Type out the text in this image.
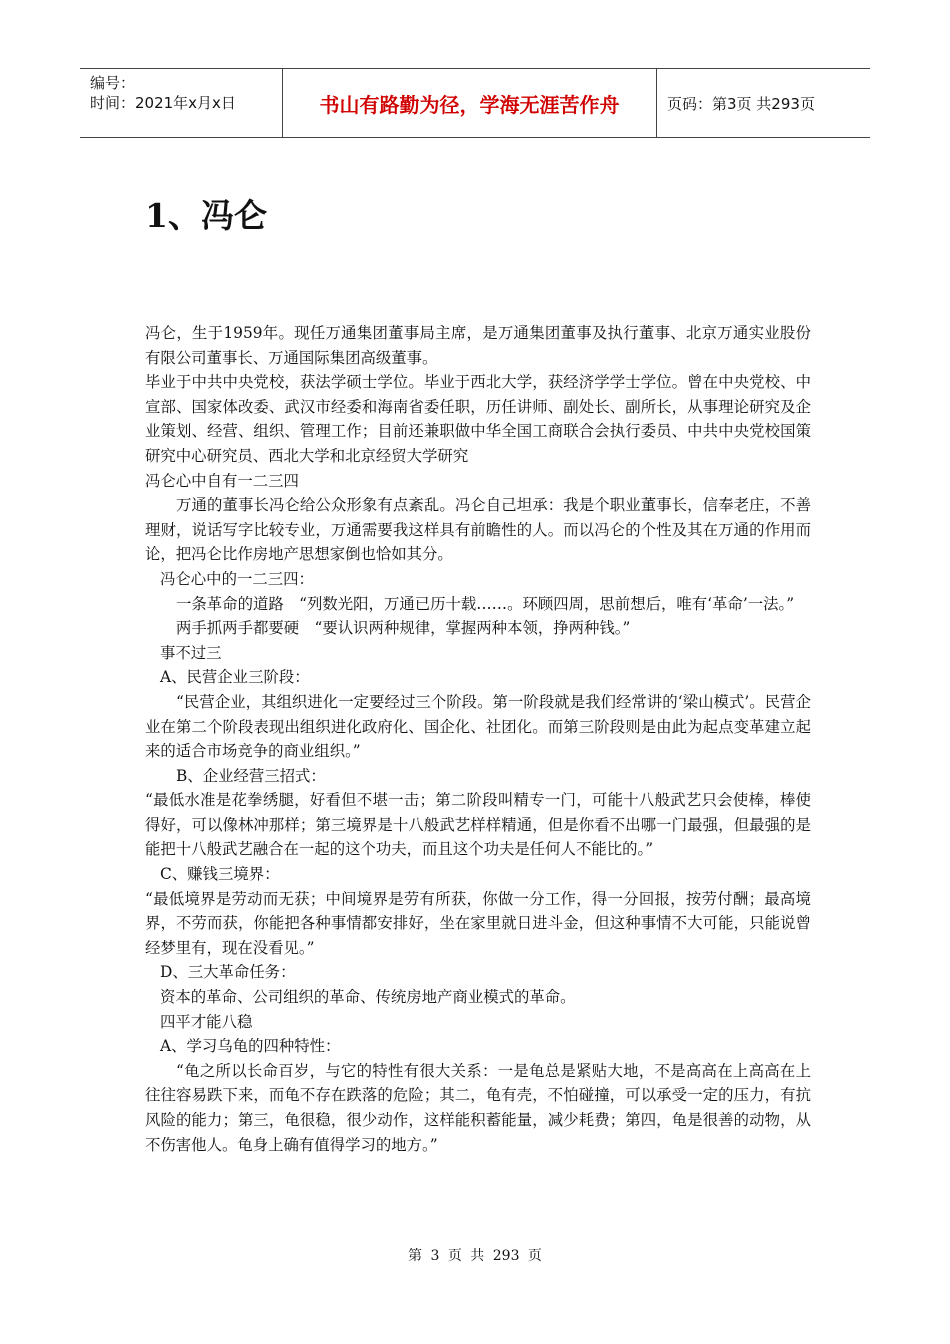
编号：
时间：2021年x月x日	书山有路勤为径，学海无涯苦作舟	页码：第3页 共293页
1、冯仑

冯仑，生于1959年。现任万通集团董事局主席，是万通集团董事及执行董事、北京万通实业股份有限公司董事长、万通国际集团高级董事。

毕业于中共中央党校，获法学硕士学位。毕业于西北大学，获经济学学士学位。曾在中央党校、中宣部、国家体改委、武汉市经委和海南省委任职，历任讲师、副处长、副所长，从事理论研究及企业策划、经营、组织、管理工作；目前还兼职做中华全国工商联合会执行委员、中共中央党校国策研究中心研究员、西北大学和北京经贸大学研究

冯仑心中自有一二三四

万通的董事长冯仑给公众形象有点紊乱。冯仑自己坦承：我是个职业董事长，信奉老庄，不善理财，说话写字比较专业，万通需要我这样具有前瞻性的人。而以冯仑的个性及其在万通的作用而论，把冯仑比作房地产思想家倒也恰如其分。

冯仑心中的一二三四：

一条革命的道路　“列数光阳，万通已历十载……。环顾四周，思前想后，唯有‘革命’一法。”

两手抓两手都要硬　“要认识两种规律，掌握两种本领，挣两种钱。”

事不过三

A、民营企业三阶段：

“民营企业，其组织进化一定要经过三个阶段。第一阶段就是我们经常讲的‘梁山模式’。民营企业在第二个阶段表现出组织进化政府化、国企化、社团化。而第三阶段则是由此为起点变革建立起来的适合市场竞争的商业组织。”

B、企业经营三招式：

“最低水准是花拳绣腿，好看但不堪一击；第二阶段叫精专一门，可能十八般武艺只会使棒，棒使得好，可以像林冲那样；第三境界是十八般武艺样样精通，但是你看不出哪一门最强，但最强的是能把十八般武艺融合在一起的这个功夫，而且这个功夫是任何人不能比的。”

C、赚钱三境界：

“最低境界是劳动而无获；中间境界是劳有所获，你做一分工作，得一分回报，按劳付酬；最高境界，不劳而获，你能把各种事情都安排好，坐在家里就日进斗金，但这种事情不大可能，只能说曾经梦里有，现在没看见。”

D、三大革命任务：

资本的革命、公司组织的革命、传统房地产商业模式的革命。

四平才能八稳

A、学习乌龟的四种特性：

“龟之所以长命百岁，与它的特性有很大关系：一是龟总是紧贴大地，不是高高在上高高在上往往容易跌下来，而龟不存在跌落的危险；其二，龟有壳，不怕碰撞，可以承受一定的压力，有抗风险的能力；第三，龟很稳，很少动作，这样能积蓄能量，减少耗费；第四，龟是很善的动物，从不伤害他人。龟身上确有值得学习的地方。”

第 3 页 共 293 页
